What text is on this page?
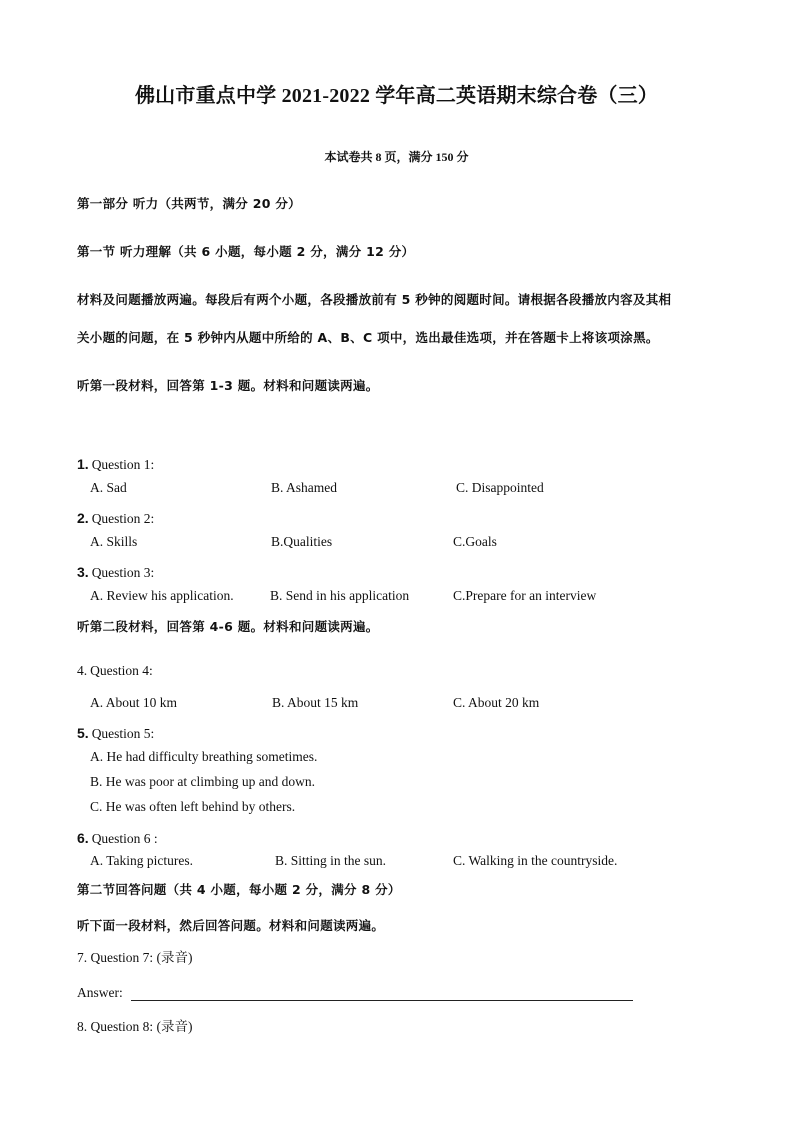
佛山市重点中学 2021-2022 学年高二英语期末综合卷（三）
本试卷共 8 页，满分 150 分
第一部分 听力（共两节，满分 20 分）
第一节 听力理解（共 6 小题，每小题 2 分，满分 12 分）
材料及问题播放两遍。每段后有两个小题，各段播放前有 5 秒钟的阅题时间。请根据各段播放内容及其相
关小题的问题，在 5 秒钟内从题中所给的 A、B、C 项中，选出最佳选项，并在答题卡上将该项涂黑。
听第一段材料，回答第 1-3 题。材料和问题读两遍。
1. Question 1:
A. Sad	B. Ashamed	C. Disappointed
2. Question 2:
A. Skills	B.Qualities	C.Goals
3. Question 3:
A. Review his application.	B. Send in his application	C.Prepare for an interview
听第二段材料，回答第 4-6 题。材料和问题读两遍。
4. Question 4:
A. About 10 km	B. About 15 km	C. About 20 km
5. Question 5:
A. He had difficulty breathing sometimes.
B. He was poor at climbing up and down.
C. He was often left behind by others.
6. Question 6 :
A. Taking pictures.	B. Sitting in the sun.	C. Walking in the countryside.
第二节回答问题（共 4 小题，每小题 2 分，满分 8 分）
听下面一段材料，然后回答问题。材料和问题读两遍。
7. Question 7: (录音)
Answer:
8. Question 8: (录音)
